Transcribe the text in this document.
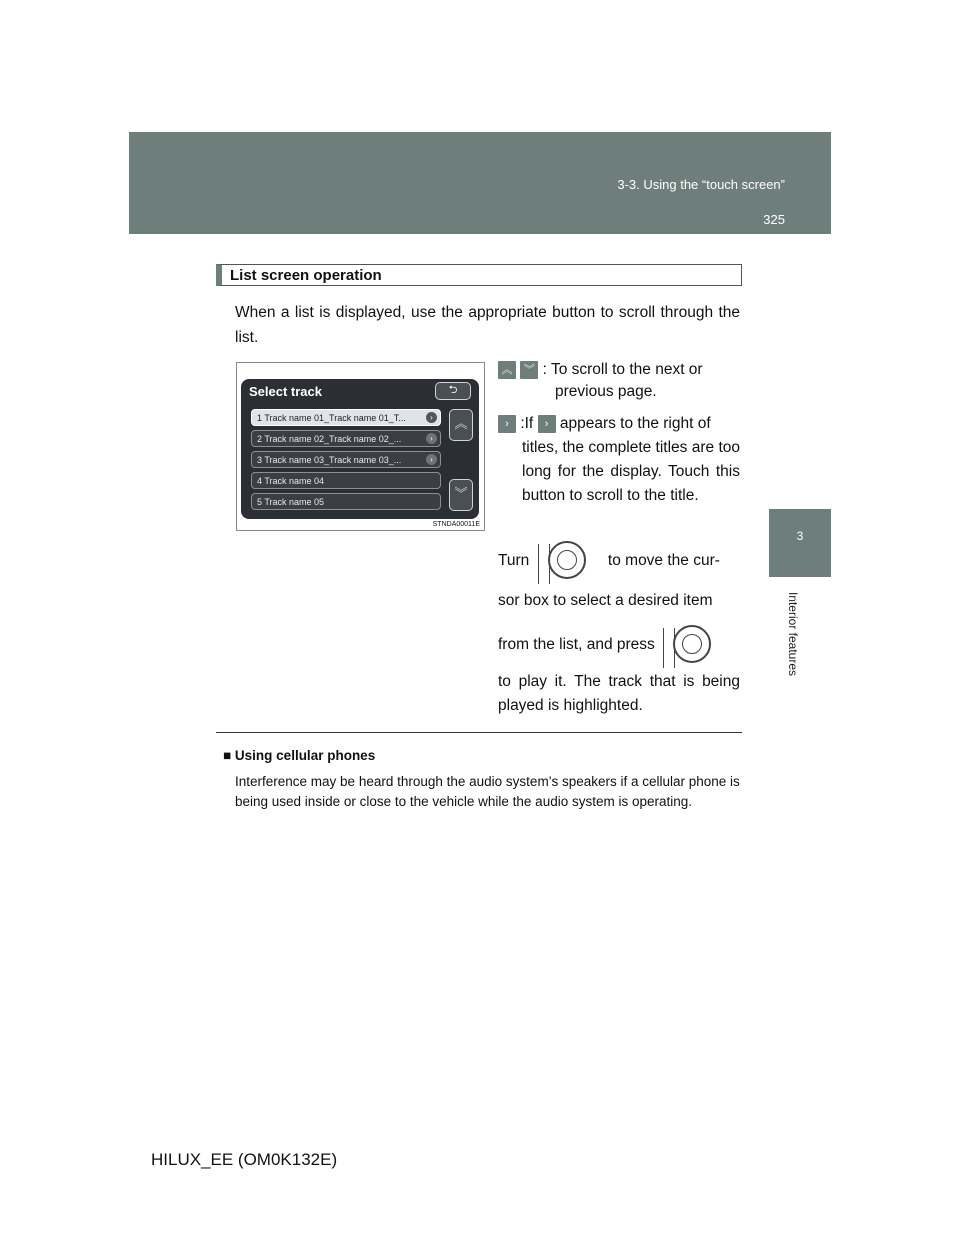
3-3. Using the “touch screen”
325
3
Interior features
List screen operation
When a list is displayed, use the appropriate button to scroll through the list.
Select track	⮌
1 Track name 01_Track name 01_T...	›
2 Track name 02_Track name 02_...	›
3 Track name 03_Track name 03_...	›
4 Track name 04
5 Track name 05
︽
︾
STNDA00011E
︽ ︾ : To scroll to the next or
previous page.
› :If › appears to the right of
titles, the complete titles are too long for the display. Touch this button to scroll to the title.
Turn	to move the cur-
sor box to select a desired item
from the list, and press
to play it. The track that is being played is highlighted.
■ Using cellular phones
Interference may be heard through the audio system’s speakers if a cellular phone is being used inside or close to the vehicle while the audio system is operating.
HILUX_EE (OM0K132E)
